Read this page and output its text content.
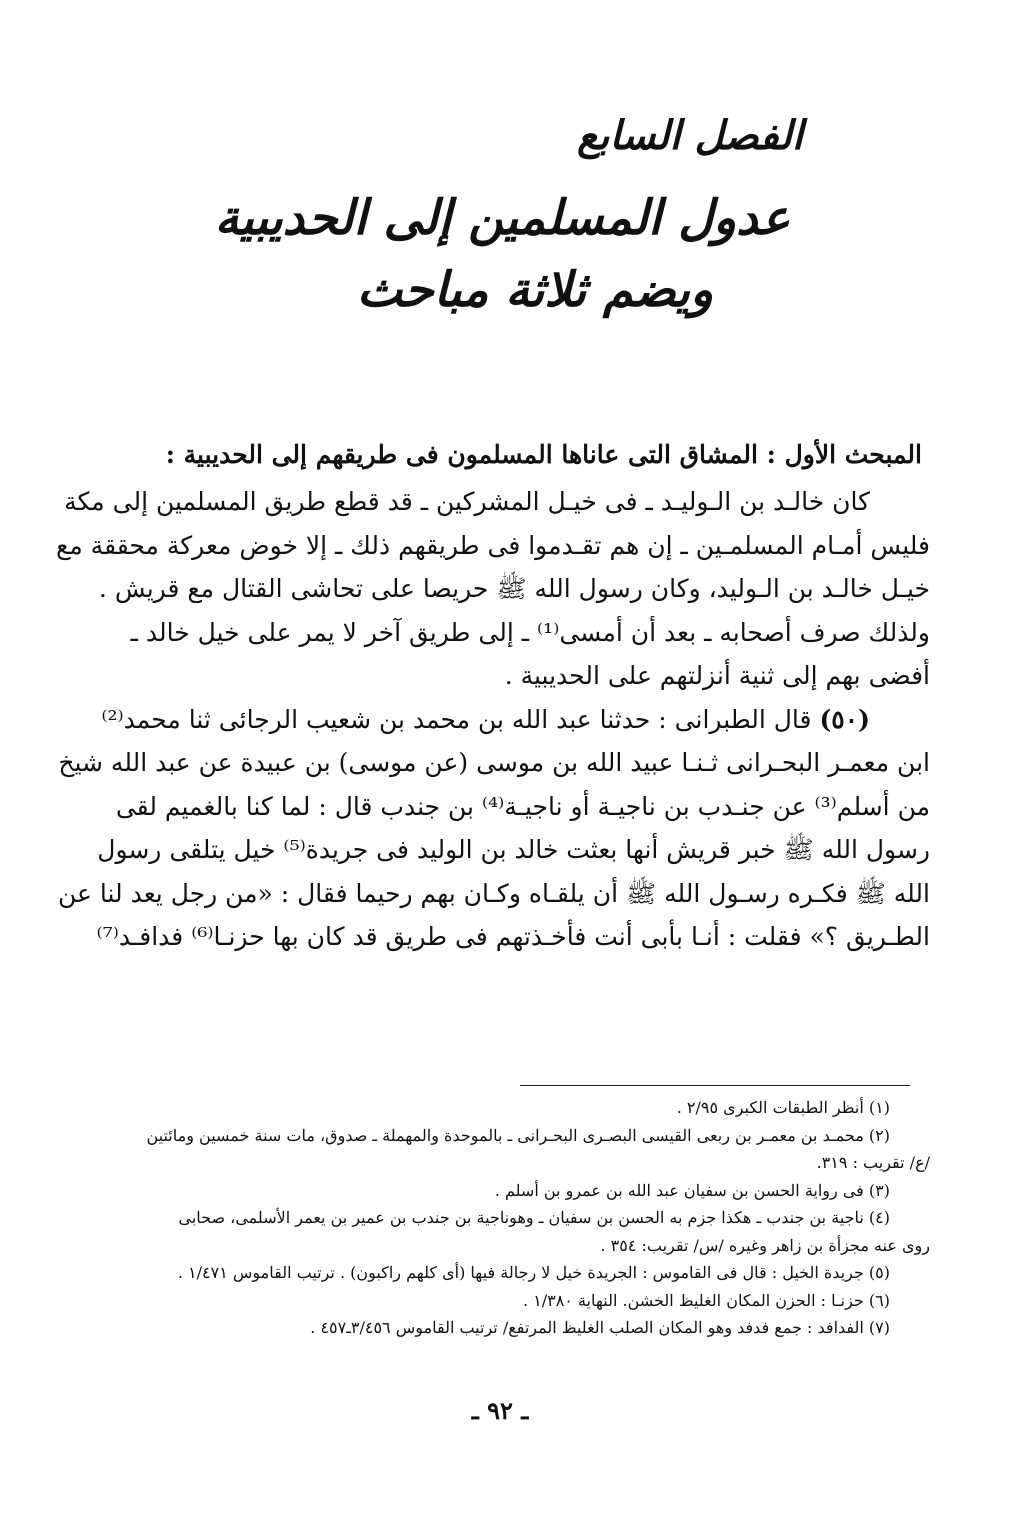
الفصل السابع
عدول المسلمين إلى الحديبية
ويضم ثلاثة مباحث
المبحث الأول : المشاق التى عاناها المسلمون فى طريقهم إلى الحديبية :
كان خالـد بن الـوليـد ـ فى خيـل المشركين ـ قد قطع طريق المسلمين إلى مكة
فليس أمـام المسلمـين ـ إن هم تقـدموا فى طريقهم ذلك ـ إلا خوض معركة محققة مع
خيـل خالـد بن الـوليد، وكان رسول الله ﷺ حريصا على تحاشى القتال مع قريش .
ولذلك صرف أصحابه ـ بعد أن أمسى⁽¹⁾ ـ إلى طريق آخر لا يمر على خيل خالد ـ
أفضى بهم إلى ثنية أنزلتهم على الحديبية .
(٥٠) قال الطبرانى : حدثنا عبد الله بن محمد بن شعيب الرجائى ثنا محمد⁽²⁾
ابن معمـر البحـرانى ثـنـا عبيد الله بن موسى (عن موسى) بن عبيدة عن عبد الله شيخ
من أسلم⁽³⁾ عن جنـدب بن ناجيـة أو ناجيـة⁽⁴⁾ بن جندب قال : لما كنا بالغميم لقى
رسول الله ﷺ خبر قريش أنها بعثت خالد بن الوليد فى جريدة⁽⁵⁾ خيل يتلقى رسول
الله ﷺ فكـره رسـول الله ﷺ أن يلقـاه وكـان بهم رحيما فقال : «من رجل يعد لنا عن
الطـريق ؟» فقلت : أنـا بأبى أنت فأخـذتهم فى طريق قد كان بها حزنـا⁽⁶⁾ فدافـد⁽⁷⁾
(١) أنظر الطبقات الكبرى ٢/٩٥ .
(٢) محمـد بن معمـر بن ربعى القيسى البصـرى البحـرانى ـ بالموحدة والمهملة ـ صدوق، مات سنة خمسين ومائتين
/ع/ تقريب : ٣١٩.
(٣) فى رواية الحسن بن سفيان عبد الله بن عمرو بن أسلم .
(٤) ناجية بن جندب ـ هكذا جزم به الحسن بن سفيان ـ وهوناجية بن جندب بن عمير بن يعمر الأسلمى، صحابى
روى عنه مجزأة بن زاهر وغيره /س/ تقريب: ٣٥٤ .
(٥) جريدة الخيل : قال فى القاموس : الجريدة خيل لا رجالة فيها (أى كلهم راكبون) . ترتيب القاموس ١/٤٧١ .
(٦) حزنـا : الحزن المكان الغليظ الخشن. النهاية ١/٣٨٠ .
(٧) الفدافد : جمع فدفد وهو المكان الصلب الغليظ المرتفع/ ترتيب القاموس ٣/٤٥٦ـ٤٥٧ .
ـ ٩٢ ـ
